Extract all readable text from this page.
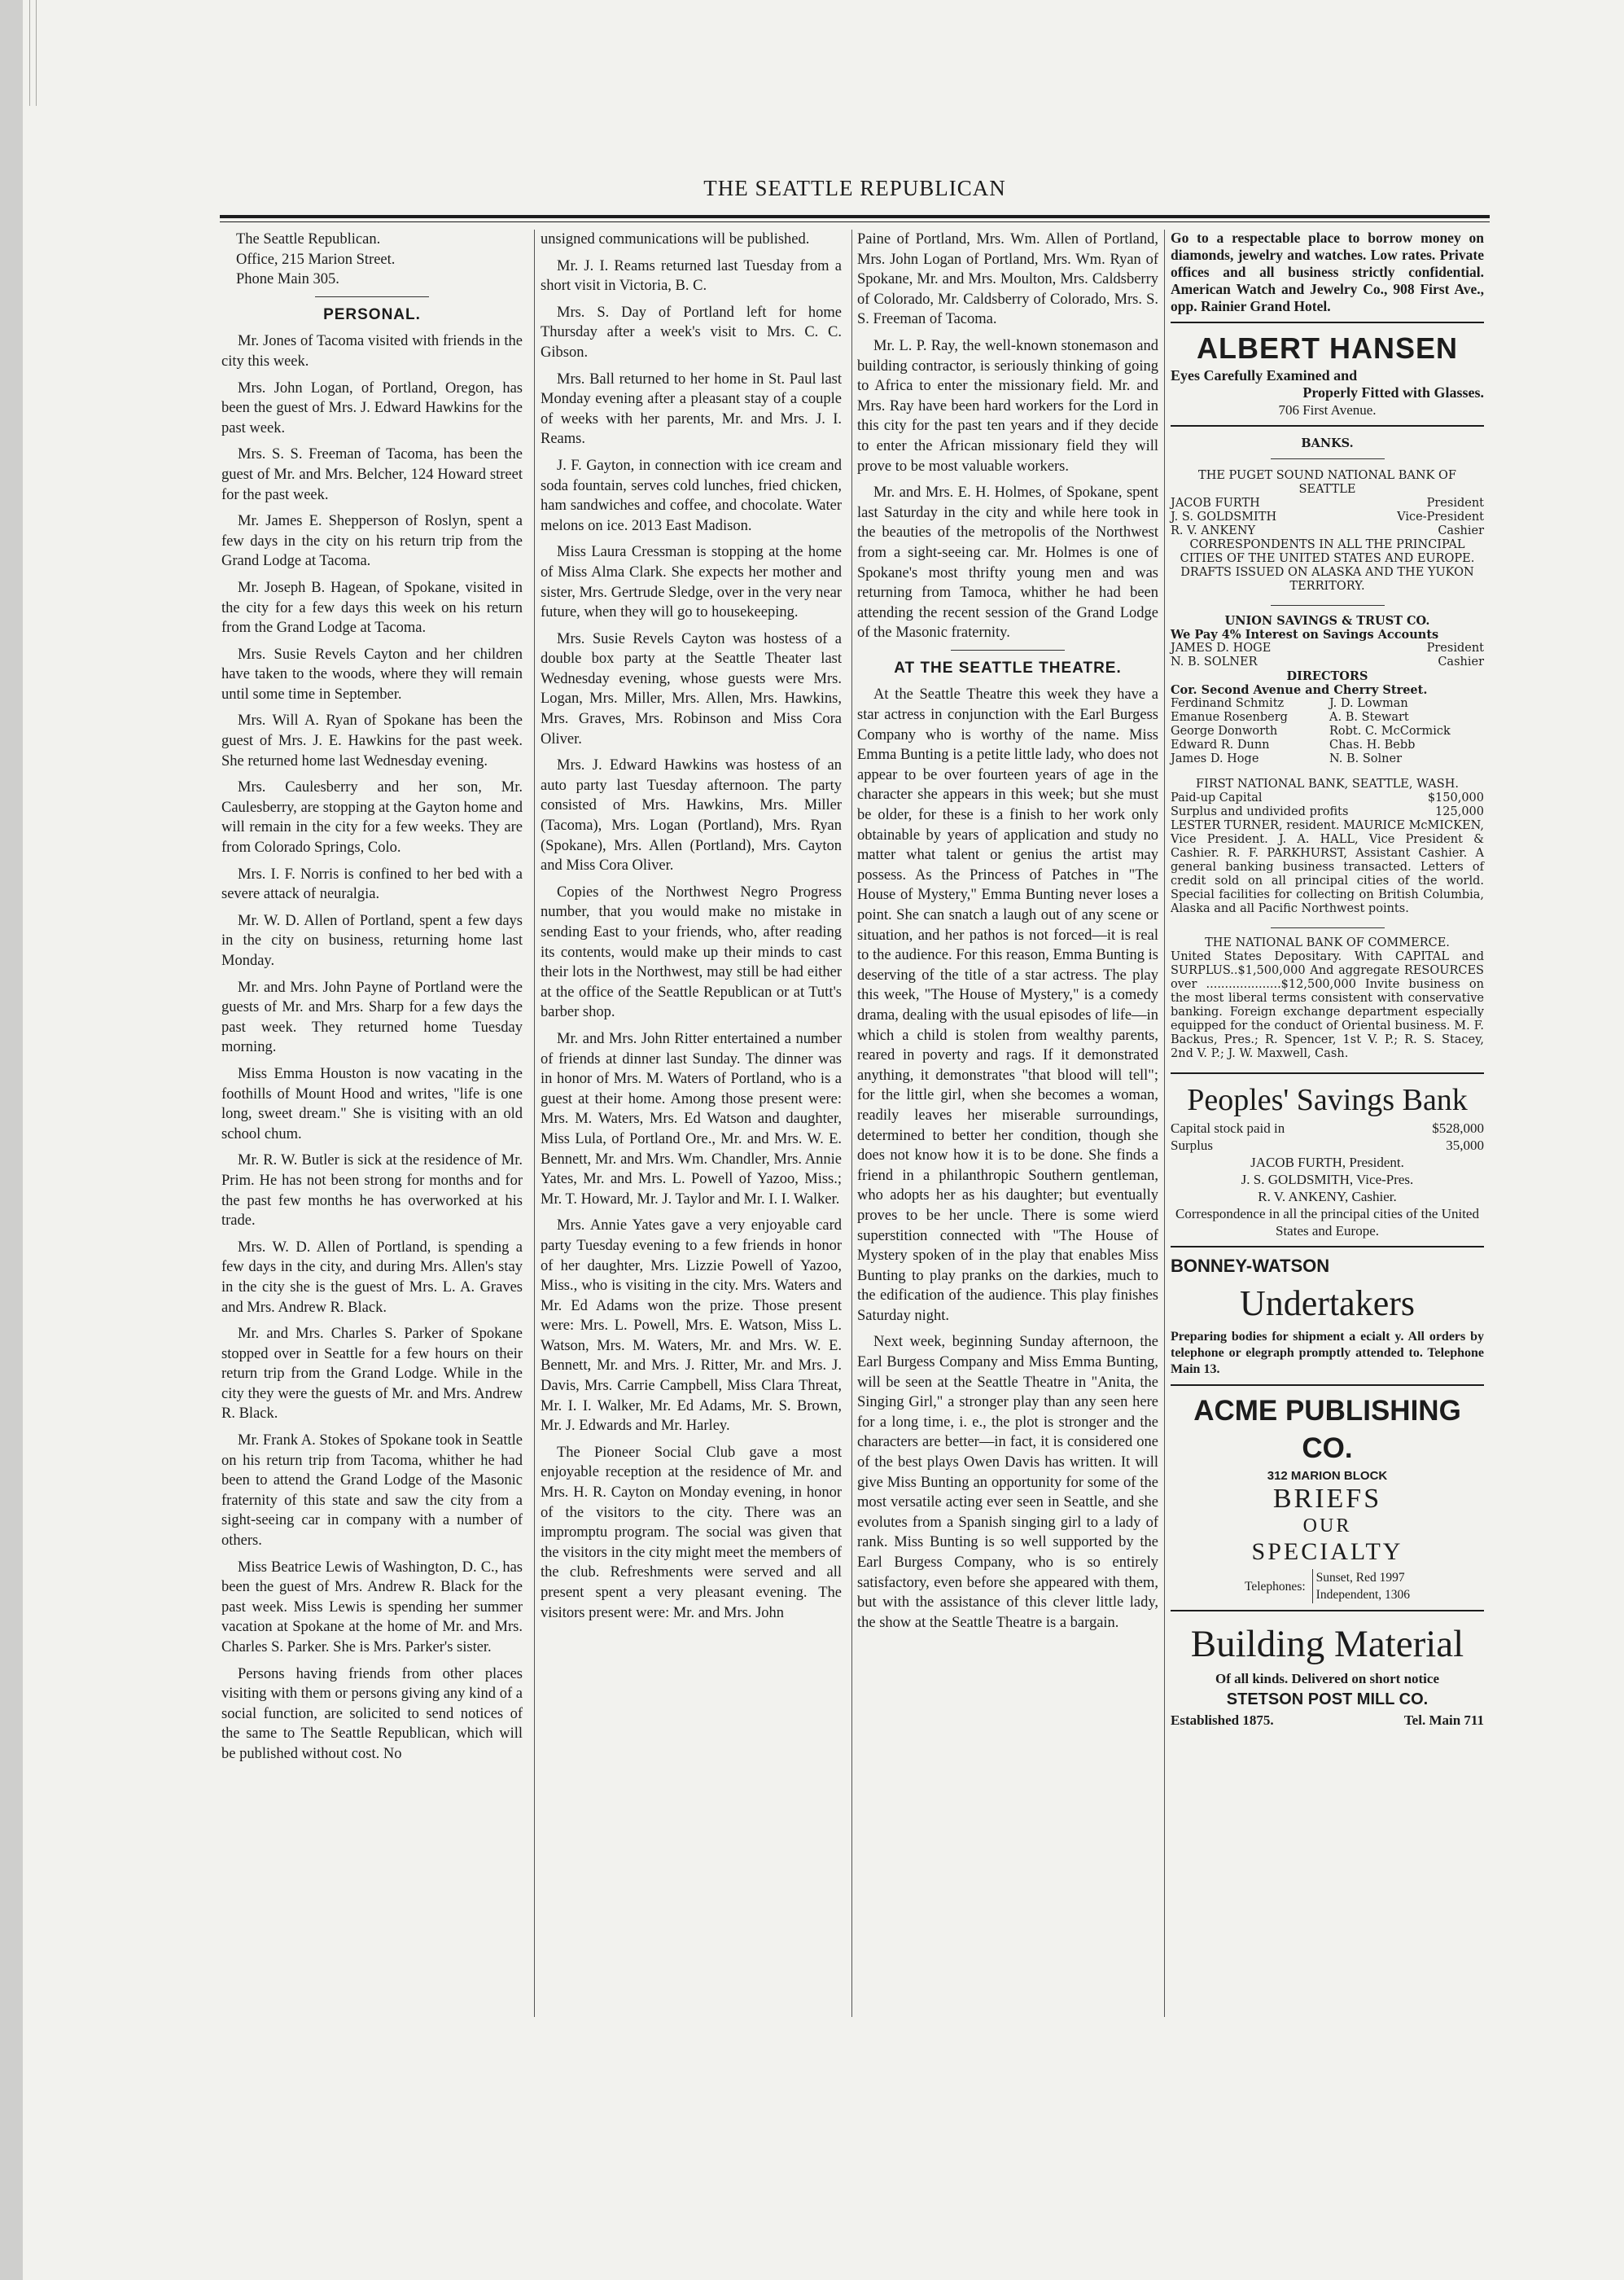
THE SEATTLE REPUBLICAN
The Seattle Republican.
Office, 215 Marion Street.
Phone Main 305.
PERSONAL.

Mr. Jones of Tacoma visited with friends in the city this week.

Mrs. John Logan, of Portland, Oregon, has been the guest of Mrs. J. Edward Hawkins for the past week.

Mrs. S. S. Freeman of Tacoma, has been the guest of Mr. and Mrs. Belcher, 124 Howard street for the past week.

Mr. James E. Shepperson of Roslyn, spent a few days in the city on his return trip from the Grand Lodge at Tacoma.

Mr. Joseph B. Hagean, of Spokane, visited in the city for a few days this week on his return from the Grand Lodge at Tacoma.

Mrs. Susie Revels Cayton and her children have taken to the woods, where they will remain until some time in September.

Mrs. Will A. Ryan of Spokane has been the guest of Mrs. J. E. Hawkins for the past week. She returned home last Wednesday evening.

Mrs. Caulesberry and her son, Mr. Caulesberry, are stopping at the Gayton home and will remain in the city for a few weeks. They are from Colorado Springs, Colo.

Mrs. I. F. Norris is confined to her bed with a severe attack of neuralgia.

Mr. W. D. Allen of Portland, spent a few days in the city on business, returning home last Monday.

Mr. and Mrs. John Payne of Portland were the guests of Mr. and Mrs. Sharp for a few days the past week. They returned home Tuesday morning.

Miss Emma Houston is now vacating in the foothills of Mount Hood and writes, "life is one long, sweet dream." She is visiting with an old school chum.

Mr. R. W. Butler is sick at the residence of Mr. Prim. He has not been strong for months and for the past few months he has overworked at his trade.

Mrs. W. D. Allen of Portland, is spending a few days in the city, and during Mrs. Allen's stay in the city she is the guest of Mrs. L. A. Graves and Mrs. Andrew R. Black.

Mr. and Mrs. Charles S. Parker of Spokane stopped over in Seattle for a few hours on their return trip from the Grand Lodge. While in the city they were the guests of Mr. and Mrs. Andrew R. Black.

Mr. Frank A. Stokes of Spokane took in Seattle on his return trip from Tacoma, whither he had been to attend the Grand Lodge of the Masonic fraternity of this state and saw the city from a sight-seeing car in company with a number of others.

Miss Beatrice Lewis of Washington, D. C., has been the guest of Mrs. Andrew R. Black for the past week. Miss Lewis is spending her summer vacation at Spokane at the home of Mr. and Mrs. Charles S. Parker. She is Mrs. Parker's sister.

Persons having friends from other places visiting with them or persons giving any kind of a social function, are solicited to send notices of the same to The Seattle Republican, which will be published without cost. No

unsigned communications will be published.

Mr. J. I. Reams returned last Tuesday from a short visit in Victoria, B. C.

Mrs. S. Day of Portland left for home Thursday after a week's visit to Mrs. C. C. Gibson.

Mrs. Ball returned to her home in St. Paul last Monday evening after a pleasant stay of a couple of weeks with her parents, Mr. and Mrs. J. I. Reams.

J. F. Gayton, in connection with ice cream and soda fountain, serves cold lunches, fried chicken, ham sandwiches and coffee, and chocolate. Water melons on ice. 2013 East Madison.

Miss Laura Cressman is stopping at the home of Miss Alma Clark. She expects her mother and sister, Mrs. Gertrude Sledge, over in the very near future, when they will go to housekeeping.

Mrs. Susie Revels Cayton was hostess of a double box party at the Seattle Theater last Wednesday evening, whose guests were Mrs. Logan, Mrs. Miller, Mrs. Allen, Mrs. Hawkins, Mrs. Graves, Mrs. Robinson and Miss Cora Oliver.

Mrs. J. Edward Hawkins was hostess of an auto party last Tuesday afternoon. The party consisted of Mrs. Hawkins, Mrs. Miller (Tacoma), Mrs. Logan (Portland), Mrs. Ryan (Spokane), Mrs. Allen (Portland), Mrs. Cayton and Miss Cora Oliver.

Copies of the Northwest Negro Progress number, that you would make no mistake in sending East to your friends, who, after reading its contents, would make up their minds to cast their lots in the Northwest, may still be had either at the office of the Seattle Republican or at Tutt's barber shop.

Mr. and Mrs. John Ritter entertained a number of friends at dinner last Sunday. The dinner was in honor of Mrs. M. Waters of Portland, who is a guest at their home. Among those present were: Mrs. M. Waters, Mrs. Ed Watson and daughter, Miss Lula, of Portland Ore., Mr. and Mrs. W. E. Bennett, Mr. and Mrs. Wm. Chandler, Mrs. Annie Yates, Mr. and Mrs. L. Powell of Yazoo, Miss.; Mr. T. Howard, Mr. J. Taylor and Mr. I. I. Walker.

Mrs. Annie Yates gave a very enjoyable card party Tuesday evening to a few friends in honor of her daughter, Mrs. Lizzie Powell of Yazoo, Miss., who is visiting in the city. Mrs. Waters and Mr. Ed Adams won the prize. Those present were: Mrs. L. Powell, Mrs. E. Watson, Miss L. Watson, Mrs. M. Waters, Mr. and Mrs. W. E. Bennett, Mr. and Mrs. J. Ritter, Mr. and Mrs. J. Davis, Mrs. Carrie Campbell, Miss Clara Threat, Mr. I. I. Walker, Mr. Ed Adams, Mr. S. Brown, Mr. J. Edwards and Mr. Harley.

The Pioneer Social Club gave a most enjoyable reception at the residence of Mr. and Mrs. H. R. Cayton on Monday evening, in honor of the visitors to the city. There was an impromptu program. The social was given that the visitors in the city might meet the members of the club. Refreshments were served and all present spent a very pleasant evening. The visitors present were: Mr. and Mrs. John

Paine of Portland, Mrs. Wm. Allen of Portland, Mrs. John Logan of Portland, Mrs. Wm. Ryan of Spokane, Mr. and Mrs. Moulton, Mrs. Caldsberry of Colorado, Mr. Caldsberry of Colorado, Mrs. S. S. Freeman of Tacoma.

Mr. L. P. Ray, the well-known stonemason and building contractor, is seriously thinking of going to Africa to enter the missionary field. Mr. and Mrs. Ray have been hard workers for the Lord in this city for the past ten years and if they decide to enter the African missionary field they will prove to be most valuable workers.

Mr. and Mrs. E. H. Holmes, of Spokane, spent last Saturday in the city and while here took in the beauties of the metropolis of the Northwest from a sight-seeing car. Mr. Holmes is one of Spokane's most thrifty young men and was returning from Tamoca, whither he had been attending the recent session of the Grand Lodge of the Masonic fraternity.

AT THE SEATTLE THEATRE.

At the Seattle Theatre this week they have a star actress in conjunction with the Earl Burgess Company who is worthy of the name. Miss Emma Bunting is a petite little lady, who does not appear to be over fourteen years of age in the character she appears in this week; but she must be older, for these is a finish to her work only obtainable by years of application and study no matter what talent or genius the artist may possess. As the Princess of Patches in "The House of Mystery," Emma Bunting never loses a point. She can snatch a laugh out of any scene or situation, and her pathos is not forced—it is real to the audience. For this reason, Emma Bunting is deserving of the title of a star actress. The play this week, "The House of Mystery," is a comedy drama, dealing with the usual episodes of life—in which a child is stolen from wealthy parents, reared in poverty and rags. If it demonstrated anything, it demonstrates "that blood will tell"; for the little girl, when she becomes a woman, readily leaves her miserable surroundings, determined to better her condition, though she does not know how it is to be done. She finds a friend in a philanthropic Southern gentleman, who adopts her as his daughter; but eventually proves to be her uncle. There is some wierd superstition connected with "The House of Mystery spoken of in the play that enables Miss Bunting to play pranks on the darkies, much to the edification of the audience. This play finishes Saturday night.

Next week, beginning Sunday afternoon, the Earl Burgess Company and Miss Emma Bunting, will be seen at the Seattle Theatre in "Anita, the Singing Girl," a stronger play than any seen here for a long time, i. e., the plot is stronger and the characters are better—in fact, it is considered one of the best plays Owen Davis has written. It will give Miss Bunting an opportunity for some of the most versatile acting ever seen in Seattle, and she evolutes from a Spanish singing girl to a lady of rank. Miss Bunting is so well supported by the Earl Burgess Company, who is so entirely satisfactory, even before she appeared with them, but with the assistance of this clever little lady, the show at the Seattle Theatre is a bargain.

Go to a respectable place to borrow money on diamonds, jewelry and watches. Low rates. Private offices and all business strictly confidential. American Watch and Jewelry Co., 908 First Ave., opp. Rainier Grand Hotel.
ALBERT HANSEN
Eyes Carefully Examined and
Properly Fitted with Glasses.
706 First Avenue.
BANKS.
THE PUGET SOUND NATIONAL BANK OF SEATTLE
JACOB FURTH	President
J. S. GOLDSMITH	Vice-President
R. V. ANKENY	Cashier
CORRESPONDENTS IN ALL THE PRINCIPAL CITIES OF THE UNITED STATES AND EUROPE. DRAFTS ISSUED ON ALASKA AND THE YUKON TERRITORY.
UNION SAVINGS & TRUST CO.
We Pay 4% Interest on Savings Accounts
JAMES D. HOGE	President
N. B. SOLNER	Cashier
DIRECTORS
Cor. Second Avenue and Cherry Street.
Ferdinand Schmitz	J. D. Lowman
Emanue Rosenberg	A. B. Stewart
George Donworth	Robt. C. McCormick
Edward R. Dunn	Chas. H. Bebb
James D. Hoge	N. B. Solner
FIRST NATIONAL BANK, SEATTLE, WASH.
Paid-up Capital	$150,000
Surplus and undivided profits	125,000
LESTER TURNER, resident. MAURICE McMICKEN, Vice President. J. A. HALL, Vice President & Cashier. R. F. PARKHURST, Assistant Cashier. A general banking business transacted. Letters of credit sold on all principal cities of the world. Special facilities for collecting on British Columbia, Alaska and all Pacific Northwest points.
THE NATIONAL BANK OF COMMERCE.
United States Depositary. With CAPITAL and SURPLUS..$1,500,000 And aggregate RESOURCES over ....................$12,500,000 Invite business on the most liberal terms consistent with conservative banking. Foreign exchange department especially equipped for the conduct of Oriental business. M. F. Backus, Pres.; R. Spencer, 1st V. P.; R. S. Stacey, 2nd V. P.; J. W. Maxwell, Cash.
Peoples' Savings Bank
Capital stock paid in	$528,000
Surplus	35,000
JACOB FURTH, President.
J. S. GOLDSMITH, Vice-Pres.
R. V. ANKENY, Cashier.
Correspondence in all the principal cities of the United States and Europe.
BONNEY-WATSON
Undertakers
Preparing bodies for shipment a ecialt y. All orders by telephone or elegraph promptly attended to. Telephone Main 13.
ACME PUBLISHING CO.
312 MARION BLOCK
BRIEFS
OUR
SPECIALTY
Telephones:
Sunset, Red 1997
Independent, 1306
Building Material
Of all kinds. Delivered on short notice
STETSON POST MILL CO.
Established 1875.	Tel. Main 711
